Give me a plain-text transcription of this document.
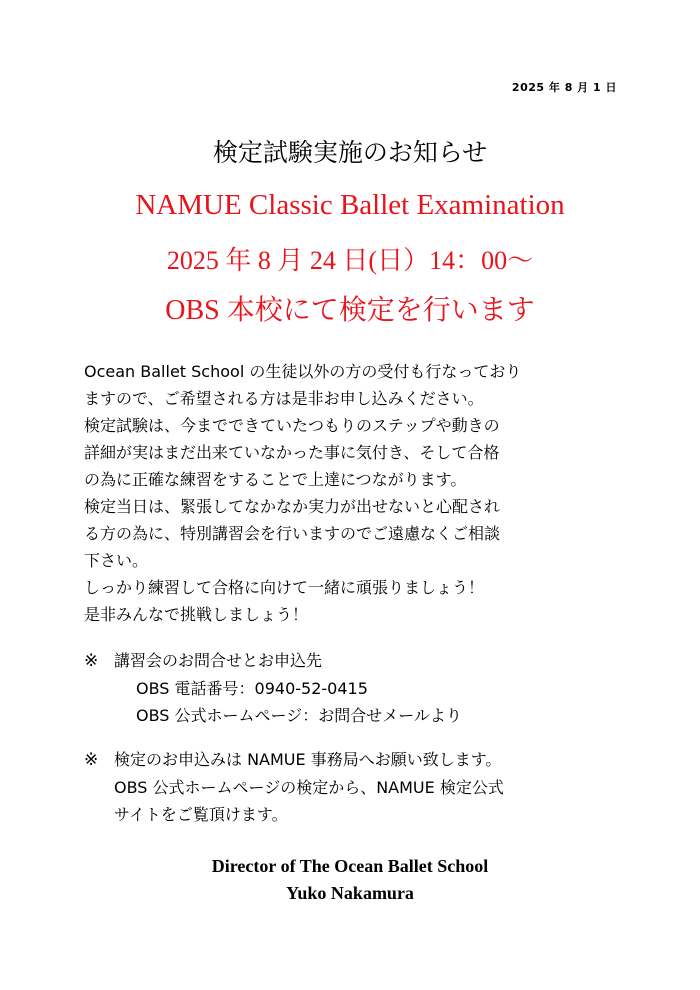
2025 年 8 月 1 日
検定試験実施のお知らせ
NAMUE Classic Ballet Examination
2025 年 8 月 24 日(日）14：00～
OBS 本校にて検定を行います

Ocean Ballet School の生徒以外の方の受付も行なっており

ますので、ご希望される方は是非お申し込みください。

検定試験は、今までできていたつもりのステップや動きの

詳細が実はまだ出来ていなかった事に気付き、そして合格

の為に正確な練習をすることで上達につながります。

検定当日は、緊張してなかなか実力が出せないと心配され

る方の為に、特別講習会を行いますのでご遠慮なくご相談

下さい。

しっかり練習して合格に向けて一緒に頑張りましょう！

是非みんなで挑戦しましょう！

※ 講習会のお問合せとお申込先
OBS 電話番号：0940-52-0415
OBS 公式ホームページ：お問合せメールより
※ 検定のお申込みは NAMUE 事務局へお願い致します。
OBS 公式ホームページの検定から、NAMUE 検定公式
サイトをご覧頂けます。
Director of The Ocean Ballet School
Yuko Nakamura
